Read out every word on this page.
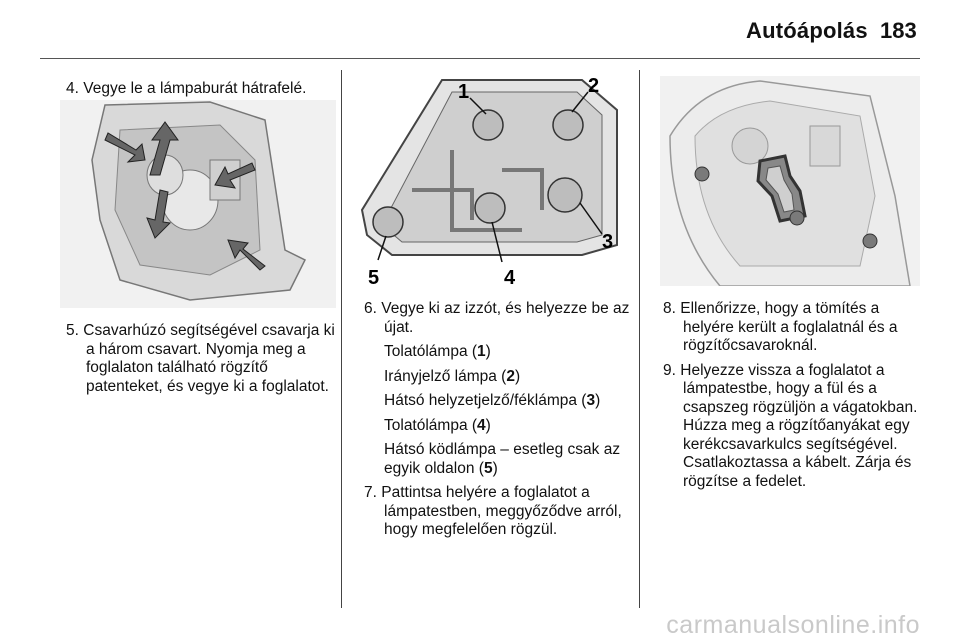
Autóápolás 183

4. Vegye le a lámpaburát hátrafelé.

5. Csavarhúzó segítségével csavarja ki a három csavart. Nyomja meg a foglalaton található rögzítő patenteket, és vegye ki a foglalatot.

1	2
3
4
5

6. Vegye ki az izzót, és helyezze be az újat.

Tolatólámpa (1)

Irányjelző lámpa (2)

Hátsó helyzetjelző/féklámpa (3)

Tolatólámpa (4)

Hátsó ködlámpa – esetleg csak az egyik oldalon (5)

7. Pattintsa helyére a foglalatot a lámpatestben, meggyőződve arról, hogy megfelelően rögzül.

8. Ellenőrizze, hogy a tömítés a helyére került a foglalatnál és a rögzítőcsavaroknál.

9. Helyezze vissza a foglalatot a lámpatestbe, hogy a fül és a csapszeg rögzüljön a vágatokban. Húzza meg a rögzítőanyákat egy kerékcsavarkulcs segítségével. Csatlakoztassa a kábelt. Zárja és rögzítse a fedelet.

carmanualsonline.info
